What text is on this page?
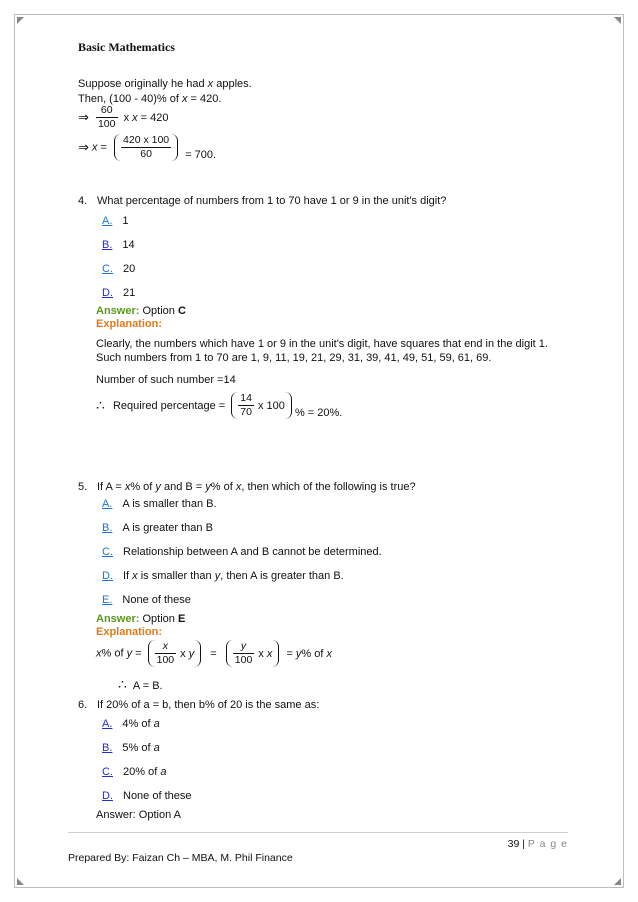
Basic Mathematics
Suppose originally he had x apples.
Then, (100 - 40)% of x = 420.
⇒ $\frac{60}{100}$ x x = 420
⇒ $x = \frac{420 x 100}{60} = 700$.
4. What percentage of numbers from 1 to 70 have 1 or 9 in the unit's digit?
A. 1
B. 14
C. 20
D. 21
Answer: Option C
Explanation:
Clearly, the numbers which have 1 or 9 in the unit's digit, have squares that end in the digit 1.
Such numbers from 1 to 70 are 1, 9, 11, 19, 21, 29, 31, 39, 41, 49, 51, 59, 61, 69.
Number of such number =14
∴ Required percentage = $\frac{14}{70}$ x 100 % = 20%.
5. If A = x% of y and B = y% of x, then which of the following is true?
A. A is smaller than B.
B. A is greater than B
C. Relationship between A and B cannot be determined.
D. If x is smaller than y, then A is greater than B.
E. None of these
Answer: Option E
Explanation:
x% of $y = \frac{x}{100}$ x $y = \frac{y}{100}$ x x = y% of x
∴ A = B.
6. If 20% of a = b, then b% of 20 is the same as:
A. 4% of a
B. 5% of a
C. 20% of a
D. None of these
Answer: Option A
39 | P a g e
Prepared By: Faizan Ch – MBA, M. Phil Finance
